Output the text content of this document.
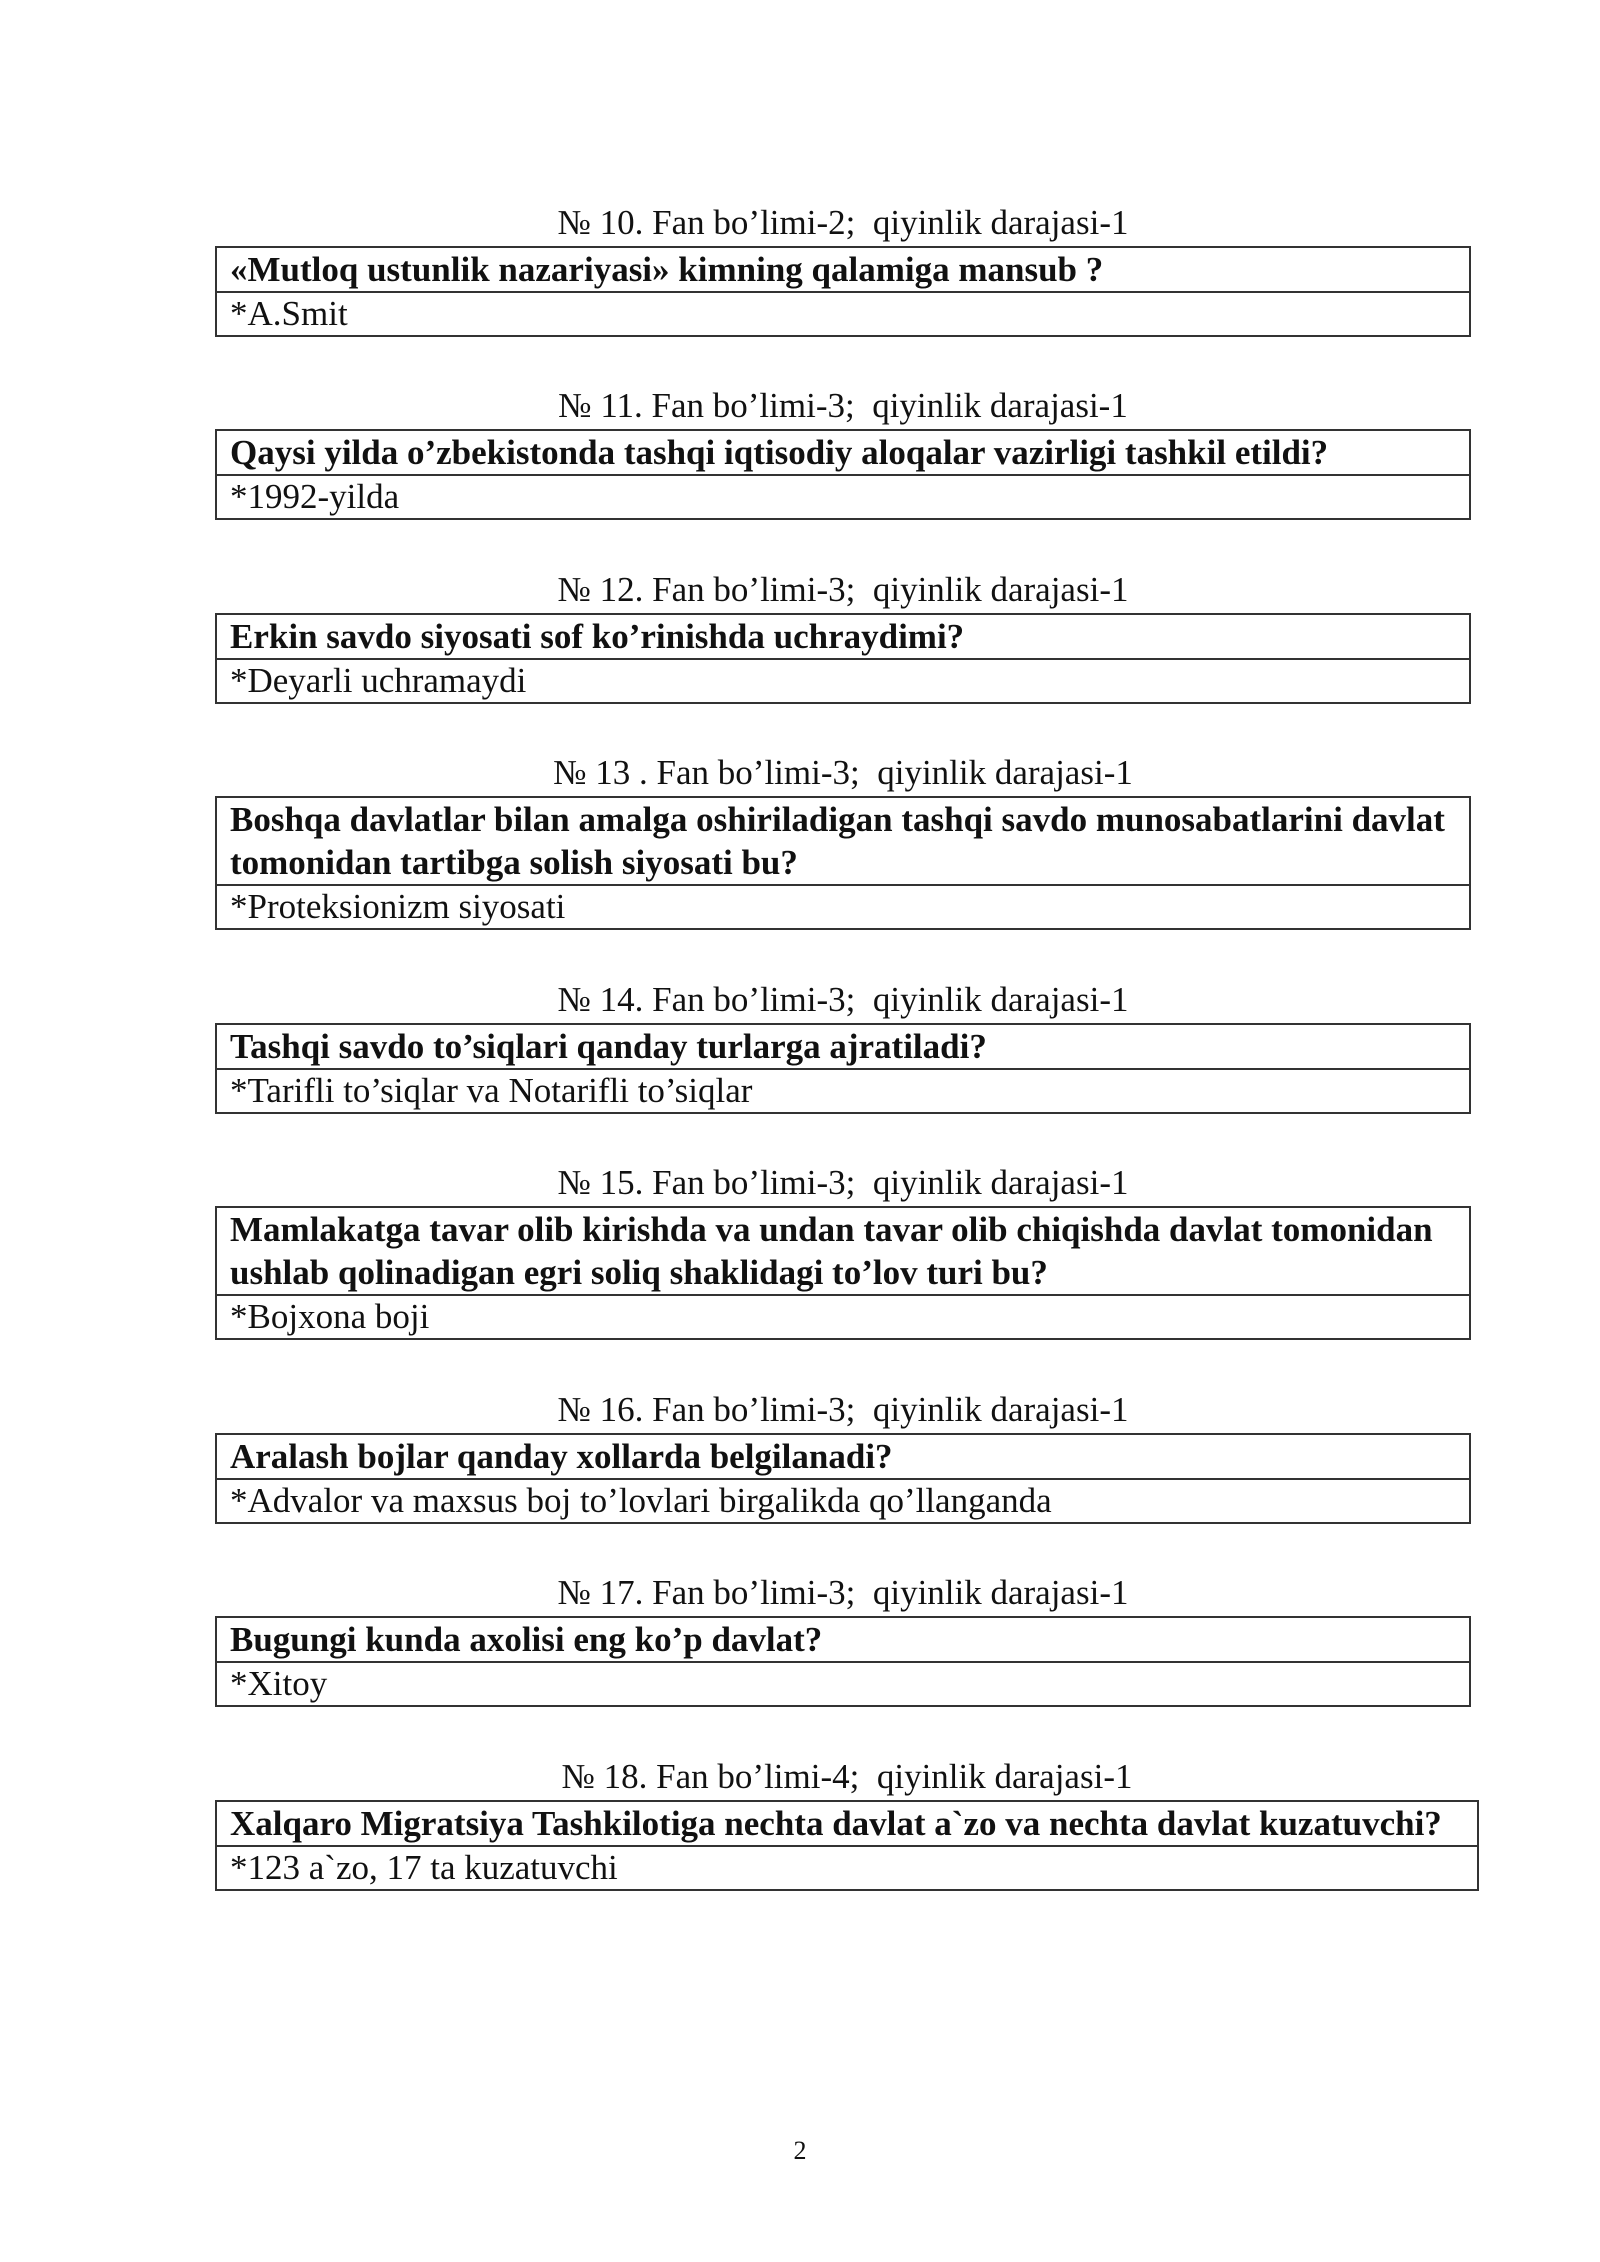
№ 10. Fan bo’limi-2;  qiyinlik darajasi-1
«Mutloq ustunlik nazariyasi» kimning qalamiga mansub ?
*A.Smit
№ 11. Fan bo’limi-3;  qiyinlik darajasi-1
Qaysi yilda o’zbekistonda tashqi iqtisodiy aloqalar vazirligi tashkil etildi?
*1992-yilda
№ 12. Fan bo’limi-3;  qiyinlik darajasi-1
Erkin savdo siyosati sof ko’rinishda uchraydimi?
*Deyarli uchramaydi
№ 13 . Fan bo’limi-3;  qiyinlik darajasi-1
Boshqa davlatlar bilan amalga oshiriladigan tashqi savdo munosabatlarini davlat tomonidan tartibga solish siyosati bu?
*Proteksionizm siyosati
№ 14. Fan bo’limi-3;  qiyinlik darajasi-1
Tashqi savdo to’siqlari qanday turlarga ajratiladi?
*Tarifli to’siqlar va Notarifli to’siqlar
№ 15. Fan bo’limi-3;  qiyinlik darajasi-1
Mamlakatga tavar olib kirishda va undan tavar olib chiqishda davlat tomonidan ushlab qolinadigan egri soliq shaklidagi to’lov turi bu?
*Bojxona boji
№ 16. Fan bo’limi-3;  qiyinlik darajasi-1
Aralash bojlar qanday xollarda belgilanadi?
*Advalor va maxsus boj to’lovlari birgalikda qo’llanganda
№ 17. Fan bo’limi-3;  qiyinlik darajasi-1
Bugungi kunda axolisi eng ko’p davlat?
*Xitoy
№ 18. Fan bo’limi-4;  qiyinlik darajasi-1
Xalqaro Migratsiya Tashkilotiga nechta davlat a`zo va nechta davlat kuzatuvchi?
*123 a`zo, 17 ta kuzatuvchi
2
